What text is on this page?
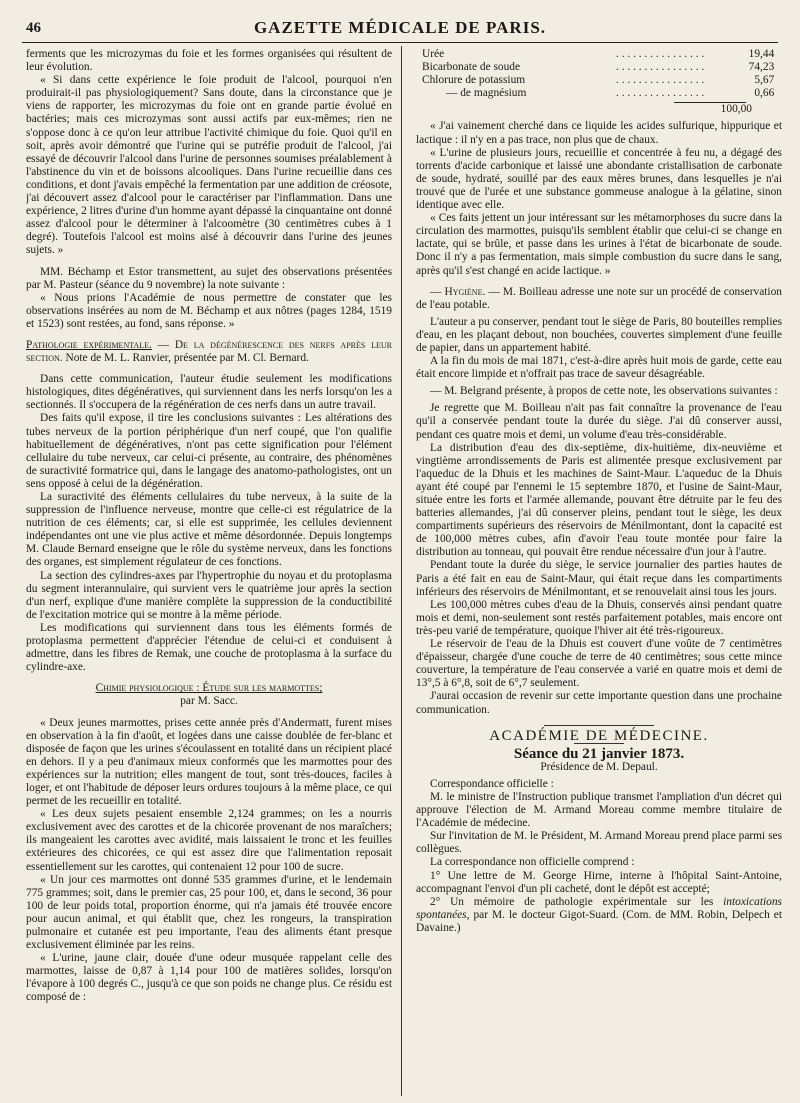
46	GAZETTE MÉDICALE DE PARIS.

ferments que les microzymas du foie et les formes organisées qui résultent de leur évolution.

« Si dans cette expérience le foie produit de l'alcool, pourquoi n'en produirait-il pas physiologiquement? Sans doute, dans la circonstance que je viens de rapporter, les microzymas du foie ont en grande partie évolué en bactéries; mais ces microzymas sont aussi actifs par eux-mêmes; rien ne s'oppose donc à ce qu'on leur attribue l'activité chimique du foie. Quoi qu'il en soit, après avoir démontré que l'urine qui se putréfie produit de l'alcool, j'ai essayé de découvrir l'alcool dans l'urine de personnes soumises préalablement à l'abstinence du vin et de boissons alcooliques. Dans l'urine recueillie dans ces conditions, et dont j'avais empêché la fermentation par une addition de créosote, j'ai découvert assez d'alcool pour le caractériser par l'inflammation. Dans une expérience, 2 litres d'urine d'un homme ayant dépassé la cinquantaine ont donné assez d'alcool pour le déterminer à l'alcoomètre (30 centimètres cubes à 1 degré). Toutefois l'alcool est moins aisé à découvrir dans l'urine des jeunes sujets. »

MM. Béchamp et Estor transmettent, au sujet des observations présentées par M. Pasteur (séance du 9 novembre) la note suivante :

« Nous prions l'Académie de nous permettre de constater que les observations insérées au nom de M. Béchamp et aux nôtres (pages 1284, 1519 et 1523) sont restées, au fond, sans réponse. »

Pathologie expérimentale. — De la dégénérescence des nerfs après leur section. Note de M. L. Ranvier, présentée par M. Cl. Bernard.

Dans cette communication, l'auteur étudie seulement les modifications histologiques, dites dégénératives, qui surviennent dans les nerfs lorsqu'on les a sectionnés. Il s'occupera de la régénération de ces nerfs dans un autre travail.

Des faits qu'il expose, il tire les conclusions suivantes : Les altérations des tubes nerveux de la portion périphérique d'un nerf coupé, que l'on qualifie habituellement de dégénératives, n'ont pas cette signification pour l'élément cellulaire du tube nerveux, car celui-ci présente, au contraire, des phénomènes de suractivité formatrice qui, dans le langage des anatomo-pathologistes, ont un sens opposé à celui de la dégénération.

La suractivité des éléments cellulaires du tube nerveux, à la suite de la suppression de l'influence nerveuse, montre que celle-ci est régulatrice de la nutrition de ces éléments; car, si elle est supprimée, les cellules deviennent indépendantes ont une vie plus active et même désordonnée. Depuis longtemps M. Claude Bernard enseigne que le rôle du système nerveux, dans les fonctions des organes, est simplement régulateur de ces fonctions.

La section des cylindres-axes par l'hypertrophie du noyau et du protoplasma du segment interannulaire, qui survient vers le quatrième jour après la section d'un nerf, explique d'une manière complète la suppression de la conductibilité de l'excitation motrice qui se montre à la même période.

Les modifications qui surviennent dans tous les éléments formés de protoplasma permettent d'apprécier l'étendue de celui-ci et conduisent à admettre, dans les fibres de Remak, une couche de protoplasma à la surface du cylindre-axe.

Chimie physiologique : Étude sur les marmottes;

par M. Sacc.

« Deux jeunes marmottes, prises cette année près d'Andermatt, furent mises en observation à la fin d'août, et logées dans une caisse doublée de fer-blanc et disposée de façon que les urines s'écoulassent en totalité dans un récipient placé en dehors. Il y a peu d'animaux mieux conformés que les marmottes pour des expériences sur la nutrition; elles mangent de tout, sont très-douces, faciles à loger, et ont l'habitude de déposer leurs ordures toujours à la même place, ce qui permet de les recueillir en totalité.

« Les deux sujets pesaient ensemble 2,124 grammes; on les a nourris exclusivement avec des carottes et de la chicorée provenant de nos maraîchers; ils mangeaient les carottes avec avidité, mais laissaient le tronc et les feuilles extérieures des chicorées, ce qui est assez dire que l'alimentation reposait essentiellement sur les carottes, qui contenaient 12 pour 100 de sucre.

« Un jour ces marmottes ont donné 535 grammes d'urine, et le lendemain 775 grammes; soit, dans le premier cas, 25 pour 100, et, dans le second, 36 pour 100 de leur poids total, proportion énorme, qui n'a jamais été trouvée encore pour aucun animal, et qui établit que, chez les rongeurs, la transpiration pulmonaire et cutanée est peu importante, l'eau des aliments étant presque exclusivement éliminée par les reins.

« L'urine, jaune clair, douée d'une odeur musquée rappelant celle des marmottes, laisse de 0,87 à 1,14 pour 100 de matières solides, lorsqu'on l'évapore à 100 degrés C., jusqu'à ce que son poids ne change plus. Ce résidu est composé de :

Urée	. . . . . . . . . . . . . . . .	19,44
Bicarbonate de soude	. . . . . . . . . . . . . . . .	74,23
Chlorure de potassium	. . . . . . . . . . . . . . . .	5,67
— de magnésium	. . . . . . . . . . . . . . . .	0,66

100,00

« J'ai vainement cherché dans ce liquide les acides sulfurique, hippurique et lactique : il n'y en a pas trace, non plus que de chaux.

« L'urine de plusieurs jours, recueillie et concentrée à feu nu, a dégagé des torrents d'acide carbonique et laissé une abondante cristallisation de carbonate de soude, hydraté, souillé par des eaux mères brunes, dans lesquelles je n'ai trouvé que de l'urée et une substance gommeuse analogue à la gélatine, sinon identique avec elle.

« Ces faits jettent un jour intéressant sur les métamorphoses du sucre dans la circulation des marmottes, puisqu'ils semblent établir que celui-ci se change en lactate, qui se brûle, et passe dans les urines à l'état de bicarbonate de soude. Donc il n'y a pas fermentation, mais simple combustion du sucre dans le sang, après qu'il s'est changé en acide lactique. »

— Hygiène. — M. Boilleau adresse une note sur un procédé de conservation de l'eau potable.

L'auteur a pu conserver, pendant tout le siège de Paris, 80 bouteilles remplies d'eau, en les plaçant debout, non bouchées, couvertes simplement d'une feuille de papier, dans un appartement habité.

A la fin du mois de mai 1871, c'est-à-dire après huit mois de garde, cette eau était encore limpide et n'offrait pas trace de saveur désagréable.

— M. Belgrand présente, à propos de cette note, les observations suivantes :

Je regrette que M. Boilleau n'ait pas fait connaître la provenance de l'eau qu'il a conservée pendant toute la durée du siège. J'ai dû conserver aussi, pendant ces quatre mois et demi, un volume d'eau très-considérable.

La distribution d'eau des dix-septième, dix-huitième, dix-neuvième et vingtième arrondissements de Paris est alimentée presque exclusivement par l'aqueduc de la Dhuis et les machines de Saint-Maur. L'aqueduc de la Dhuis ayant été coupé par l'ennemi le 15 septembre 1870, et l'usine de Saint-Maur, située entre les forts et l'armée allemande, pouvant être détruite par le feu des batteries allemandes, j'ai dû conserver pleins, pendant tout le siège, les deux compartiments supérieurs des réservoirs de Ménilmontant, dont la capacité est de 100,000 mètres cubes, afin d'avoir l'eau toute montée pour faire la distribution au tonneau, qui pouvait être rendue nécessaire d'un jour à l'autre.

Pendant toute la durée du siège, le service journalier des parties hautes de Paris a été fait en eau de Saint-Maur, qui était reçue dans les compartiments inférieurs des réservoirs de Ménilmontant, et se renouvelait ainsi tous les jours.

Les 100,000 mètres cubes d'eau de la Dhuis, conservés ainsi pendant quatre mois et demi, non-seulement sont restés parfaitement potables, mais encore ont très-peu varié de température, quoique l'hiver ait été très-rigoureux.

Le réservoir de l'eau de la Dhuis est couvert d'une voûte de 7 centimètres d'épaisseur, chargée d'une couche de terre de 40 centimètres; sous cette mince couverture, la température de l'eau conservée a varié en quatre mois et demi de 13°,5 à 6°,8, soit de 6°,7 seulement.

J'aurai occasion de revenir sur cette importante question dans une prochaine communication.

ACADÉMIE DE MÉDECINE.

Séance du 21 janvier 1873.

Présidence de M. Depaul.

Correspondance officielle :

M. le ministre de l'Instruction publique transmet l'ampliation d'un décret qui approuve l'élection de M. Armand Moreau comme membre titulaire de l'Académie de médecine.

Sur l'invitation de M. le Président, M. Armand Moreau prend place parmi ses collègues.

La correspondance non officielle comprend :

1° Une lettre de M. George Hirne, interne à l'hôpital Saint-Antoine, accompagnant l'envoi d'un pli cacheté, dont le dépôt est accepté;

2° Un mémoire de pathologie expérimentale sur les intoxications spontanées, par M. le docteur Gigot-Suard. (Com. de MM. Robin, Delpech et Davaine.)
